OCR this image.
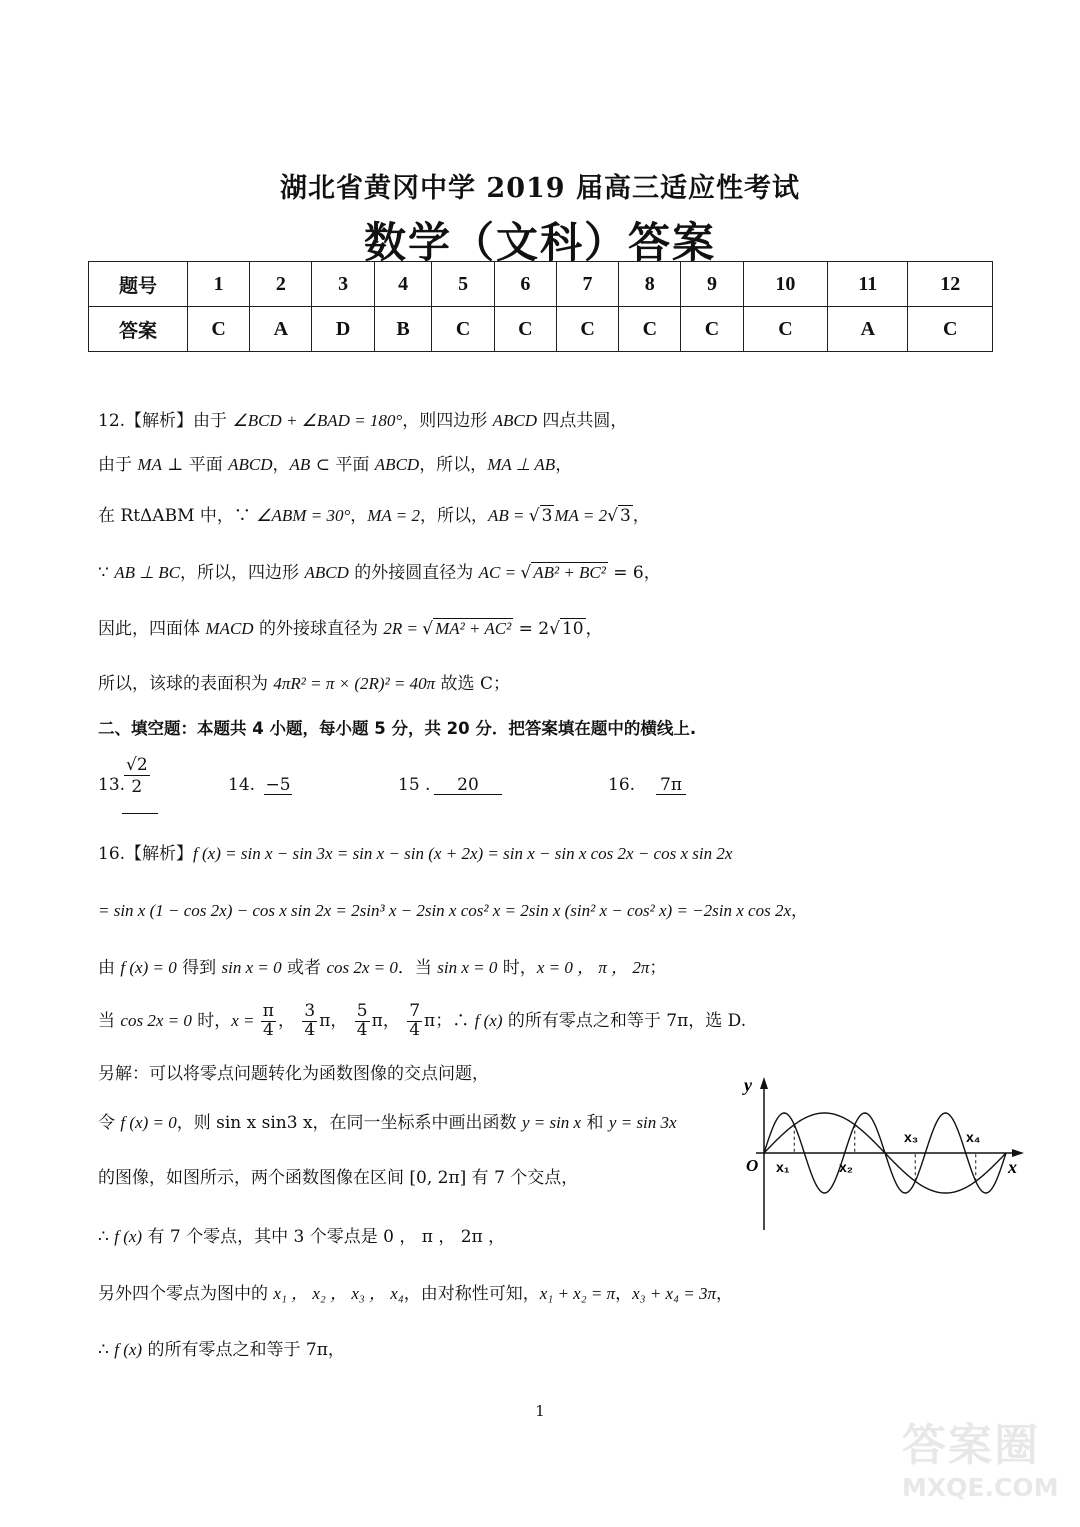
湖北省黄冈中学 2019 届高三适应性考试
数学（文科）答案
题号	1	2	3	4	5	6	7	8	9	10	11	12
答案	C	A	D	B	C	C	C	C	C	C	A	C
12.【解析】由于 ∠BCD + ∠BAD = 180°，则四边形 ABCD 四点共圆，
由于 MA ⊥ 平面 ABCD，AB ⊂ 平面 ABCD，所以，MA ⊥ AB，
在 RtΔABM 中，∵ ∠ABM = 30°，MA = 2，所以，AB = √ 3 MA = 2√ 3 ，
∵ AB ⊥ BC，所以，四边形 ABCD 的外接圆直径为 AC = √ AB² + BC² = 6，
因此，四面体 MACD 的外接球直径为 2R = √ MA² + AC² = 2√ 10 ，
所以，该球的表面积为 4πR² = π × (2R)² = 40π 故选 C；
二、填空题：本题共 4 小题，每小题 5 分，共 20 分．把答案填在题中的横线上.
13.
$\frac{√2}{2}$	14. −5	15 .	20	16. 7π
16.【解析】f (x) = sin x − sin 3x = sin x − sin (x + 2x) = sin x − sin x cos 2x − cos x sin 2x
= sin x (1 − cos 2x) − cos x sin 2x = 2sin³ x − 2sin x cos² x = 2sin x (sin² x − cos² x) = −2sin x cos 2x，
由 f (x) = 0 得到 sin x = 0 或者 cos 2x = 0．当 sin x = 0 时，x = 0 ， π ， 2π；
当 cos 2x = 0 时，$x = \frac{\pi}{4}$ ， $\frac{3}{4}$ π， $\frac{5}{4}$ π， $\frac{7}{4}$ π；∴ f (x) 的所有零点之和等于 7π，选 D.
另解：可以将零点问题转化为函数图像的交点问题，
令 f (x) = 0，则 sin x sin3 x，在同一坐标系中画出函数 y = sin x 和 y = sin 3x
的图像，如图所示，两个函数图像在区间 [0, 2π] 有 7 个交点，
∴ f (x) 有 7 个零点，其中 3 个零点是 0 ， π ， 2π ，
另外四个零点为图中的 x₁ ， x₂ ， x₃ ， x₄，由对称性可知，x₁ + x₂ = π，x₃ + x₄ = 3π，
∴ f (x) 的所有零点之和等于 7π，
y
x
O x₁	x₂
x₃	x₄
1
答案圈
MXQE.COM
